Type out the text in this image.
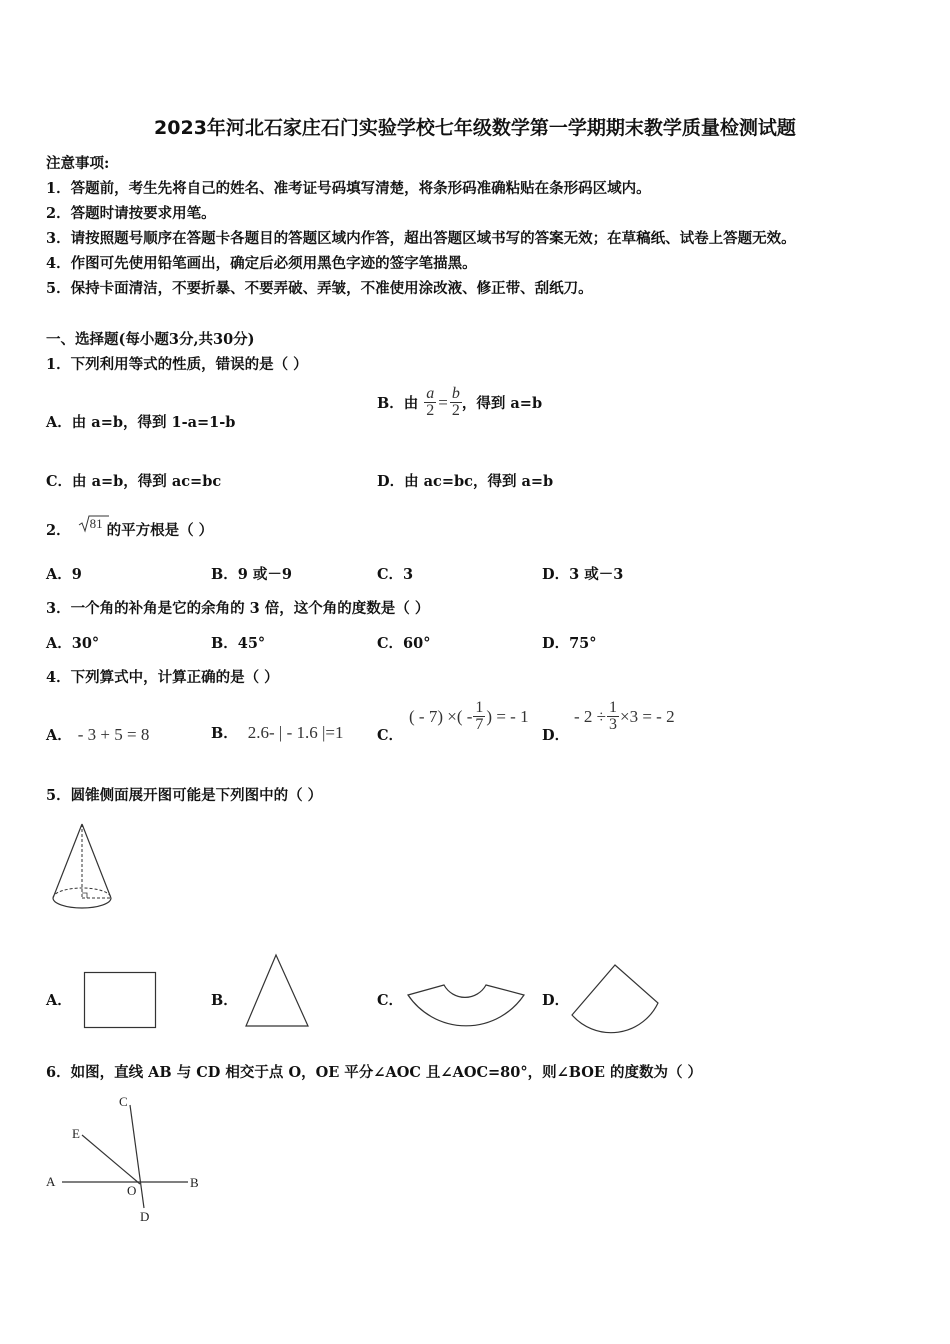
2023年河北石家庄石门实验学校七年级数学第一学期期末教学质量检测试题
注意事项:
1．答题前，考生先将自己的姓名、准考证号码填写清楚，将条形码准确粘贴在条形码区域内。
2．答题时请按要求用笔。
3．请按照题号顺序在答题卡各题目的答题区域内作答，超出答题区域书写的答案无效；在草稿纸、试卷上答题无效。
4．作图可先使用铅笔画出，确定后必须用黑色字迹的签字笔描黑。
5．保持卡面清洁，不要折暴、不要弄破、弄皱，不准使用涂改液、修正带、刮纸刀。
一、选择题(每小题3分,共30分)
1．下列利用等式的性质，错误的是（ ）
A．由 a=b，得到 1-a=1-b
B．由 $\frac{a}{2} = \frac{b}{2}$ ，得到 a=b
C．由 a=b，得到 ac=bc	D．由 ac=bc，得到 a=b
2．	81 的平方根是（ ）
A．9	B．9 或－9	C．3	D．3 或－3
3．一个角的补角是它的余角的 3 倍，这个角的度数是（ ）
A．30°	B．45°	C．60°	D．75°
4．下列算式中，计算正确的是（ ）
A． - 3 + 5 = 8	B． 2.6- | - 1.6 |=1 C．
( - 7) ×( - $\frac{1}{7}$ ) = - 1
D．
- $2 \div \frac{1}{3} \times 3$ = - 2
5．圆锥侧面展开图可能是下列图中的（ ）
A．	B．	C．	D．
6．如图，直线 AB 与 CD 相交于点 O，OE 平分∠AOC 且∠AOC=80°，则∠BOE 的度数为（ ）
A	B
C
D
E
O
